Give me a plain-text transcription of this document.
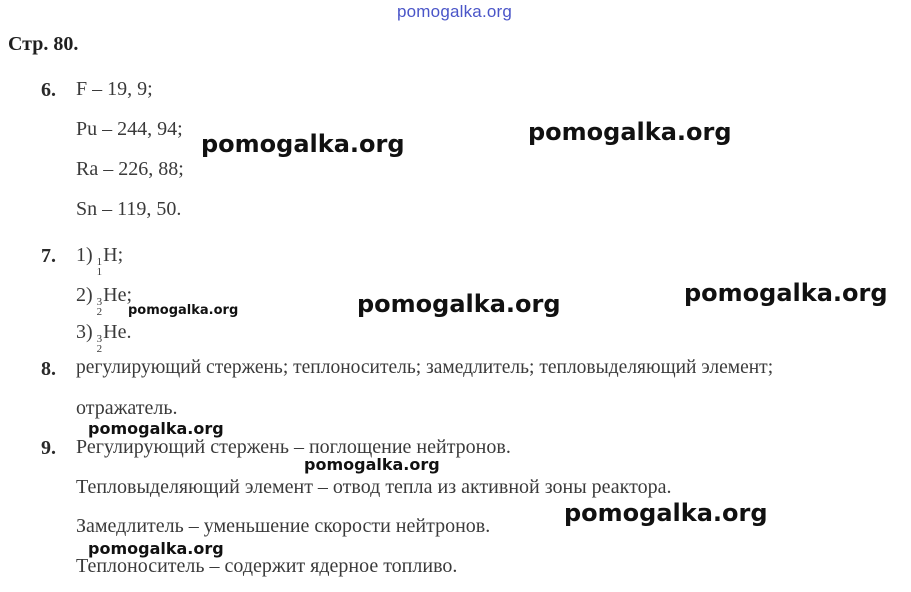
pomogalka.org
Стр. 80.
6. F – 19, 9;
Pu – 244, 94;
Ra – 226, 88;
Sn – 119, 50.
7. 1) 1
1
H;
2) 3
2
He;
3) 3
2
He.
8. регулирующий стержень; теплоноситель; замедлитель; тепловыделяющий элемент;
отражатель.
9. Регулирующий стержень – поглощение нейтронов.
Тепловыделяющий элемент – отвод тепла из активной зоны реактора.
Замедлитель – уменьшение скорости нейтронов.
Теплоноситель – содержит ядерное топливо.
pomogalka.org	pomogalka.org
pomogalka.org
pomogalka.org
pomogalka.org
pomogalka.org
pomogalka.org
pomogalka.org
pomogalka.org
